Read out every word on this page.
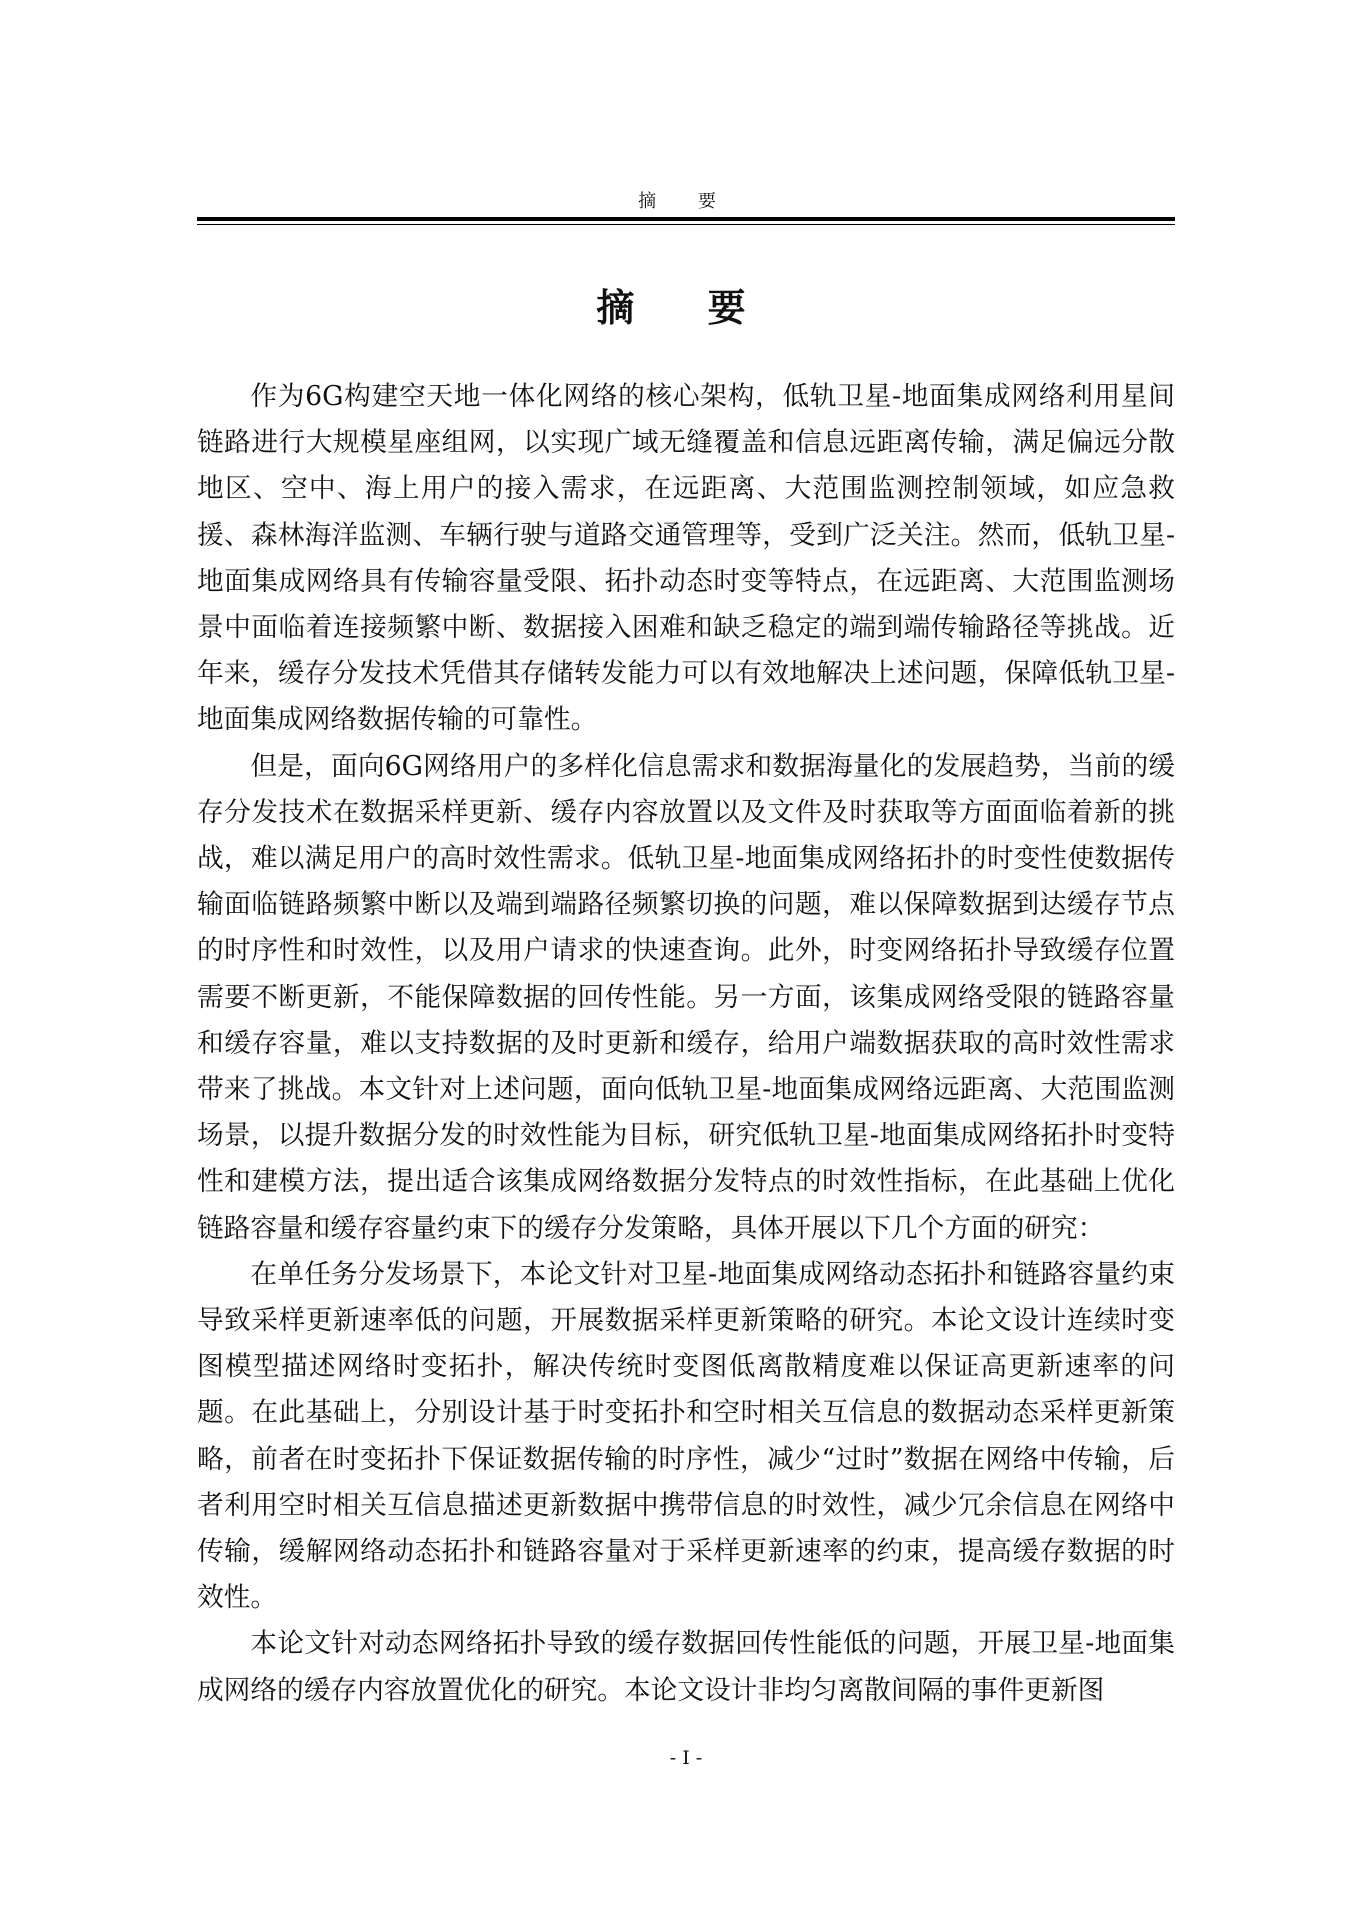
摘 要
摘 要

作为6G构建空天地一体化网络的核心架构，低轨卫星-地面集成网络利用星间链路进行大规模星座组网，以实现广域无缝覆盖和信息远距离传输，满足偏远分散地区、空中、海上用户的接入需求，在远距离、大范围监测控制领域，如应急救援、森林海洋监测、车辆行驶与道路交通管理等，受到广泛关注。然而，低轨卫星-地面集成网络具有传输容量受限、拓扑动态时变等特点，在远距离、大范围监测场景中面临着连接频繁中断、数据接入困难和缺乏稳定的端到端传输路径等挑战。近年来，缓存分发技术凭借其存储转发能力可以有效地解决上述问题，保障低轨卫星-地面集成网络数据传输的可靠性。

但是，面向6G网络用户的多样化信息需求和数据海量化的发展趋势，当前的缓存分发技术在数据采样更新、缓存内容放置以及文件及时获取等方面面临着新的挑战，难以满足用户的高时效性需求。低轨卫星-地面集成网络拓扑的时变性使数据传输面临链路频繁中断以及端到端路径频繁切换的问题，难以保障数据到达缓存节点的时序性和时效性，以及用户请求的快速查询。此外，时变网络拓扑导致缓存位置需要不断更新，不能保障数据的回传性能。另一方面，该集成网络受限的链路容量和缓存容量，难以支持数据的及时更新和缓存，给用户端数据获取的高时效性需求带来了挑战。本文针对上述问题，面向低轨卫星-地面集成网络远距离、大范围监测场景，以提升数据分发的时效性能为目标，研究低轨卫星-地面集成网络拓扑时变特性和建模方法，提出适合该集成网络数据分发特点的时效性指标，在此基础上优化链路容量和缓存容量约束下的缓存分发策略，具体开展以下几个方面的研究：

在单任务分发场景下，本论文针对卫星-地面集成网络动态拓扑和链路容量约束导致采样更新速率低的问题，开展数据采样更新策略的研究。本论文设计连续时变图模型描述网络时变拓扑，解决传统时变图低离散精度难以保证高更新速率的问题。在此基础上，分别设计基于时变拓扑和空时相关互信息的数据动态采样更新策略，前者在时变拓扑下保证数据传输的时序性，减少“过时”数据在网络中传输，后者利用空时相关互信息描述更新数据中携带信息的时效性，减少冗余信息在网络中传输，缓解网络动态拓扑和链路容量对于采样更新速率的约束，提高缓存数据的时效性。

本论文针对动态网络拓扑导致的缓存数据回传性能低的问题，开展卫星-地面集成网络的缓存内容放置优化的研究。本论文设计非均匀离散间隔的事件更新图

- I -
